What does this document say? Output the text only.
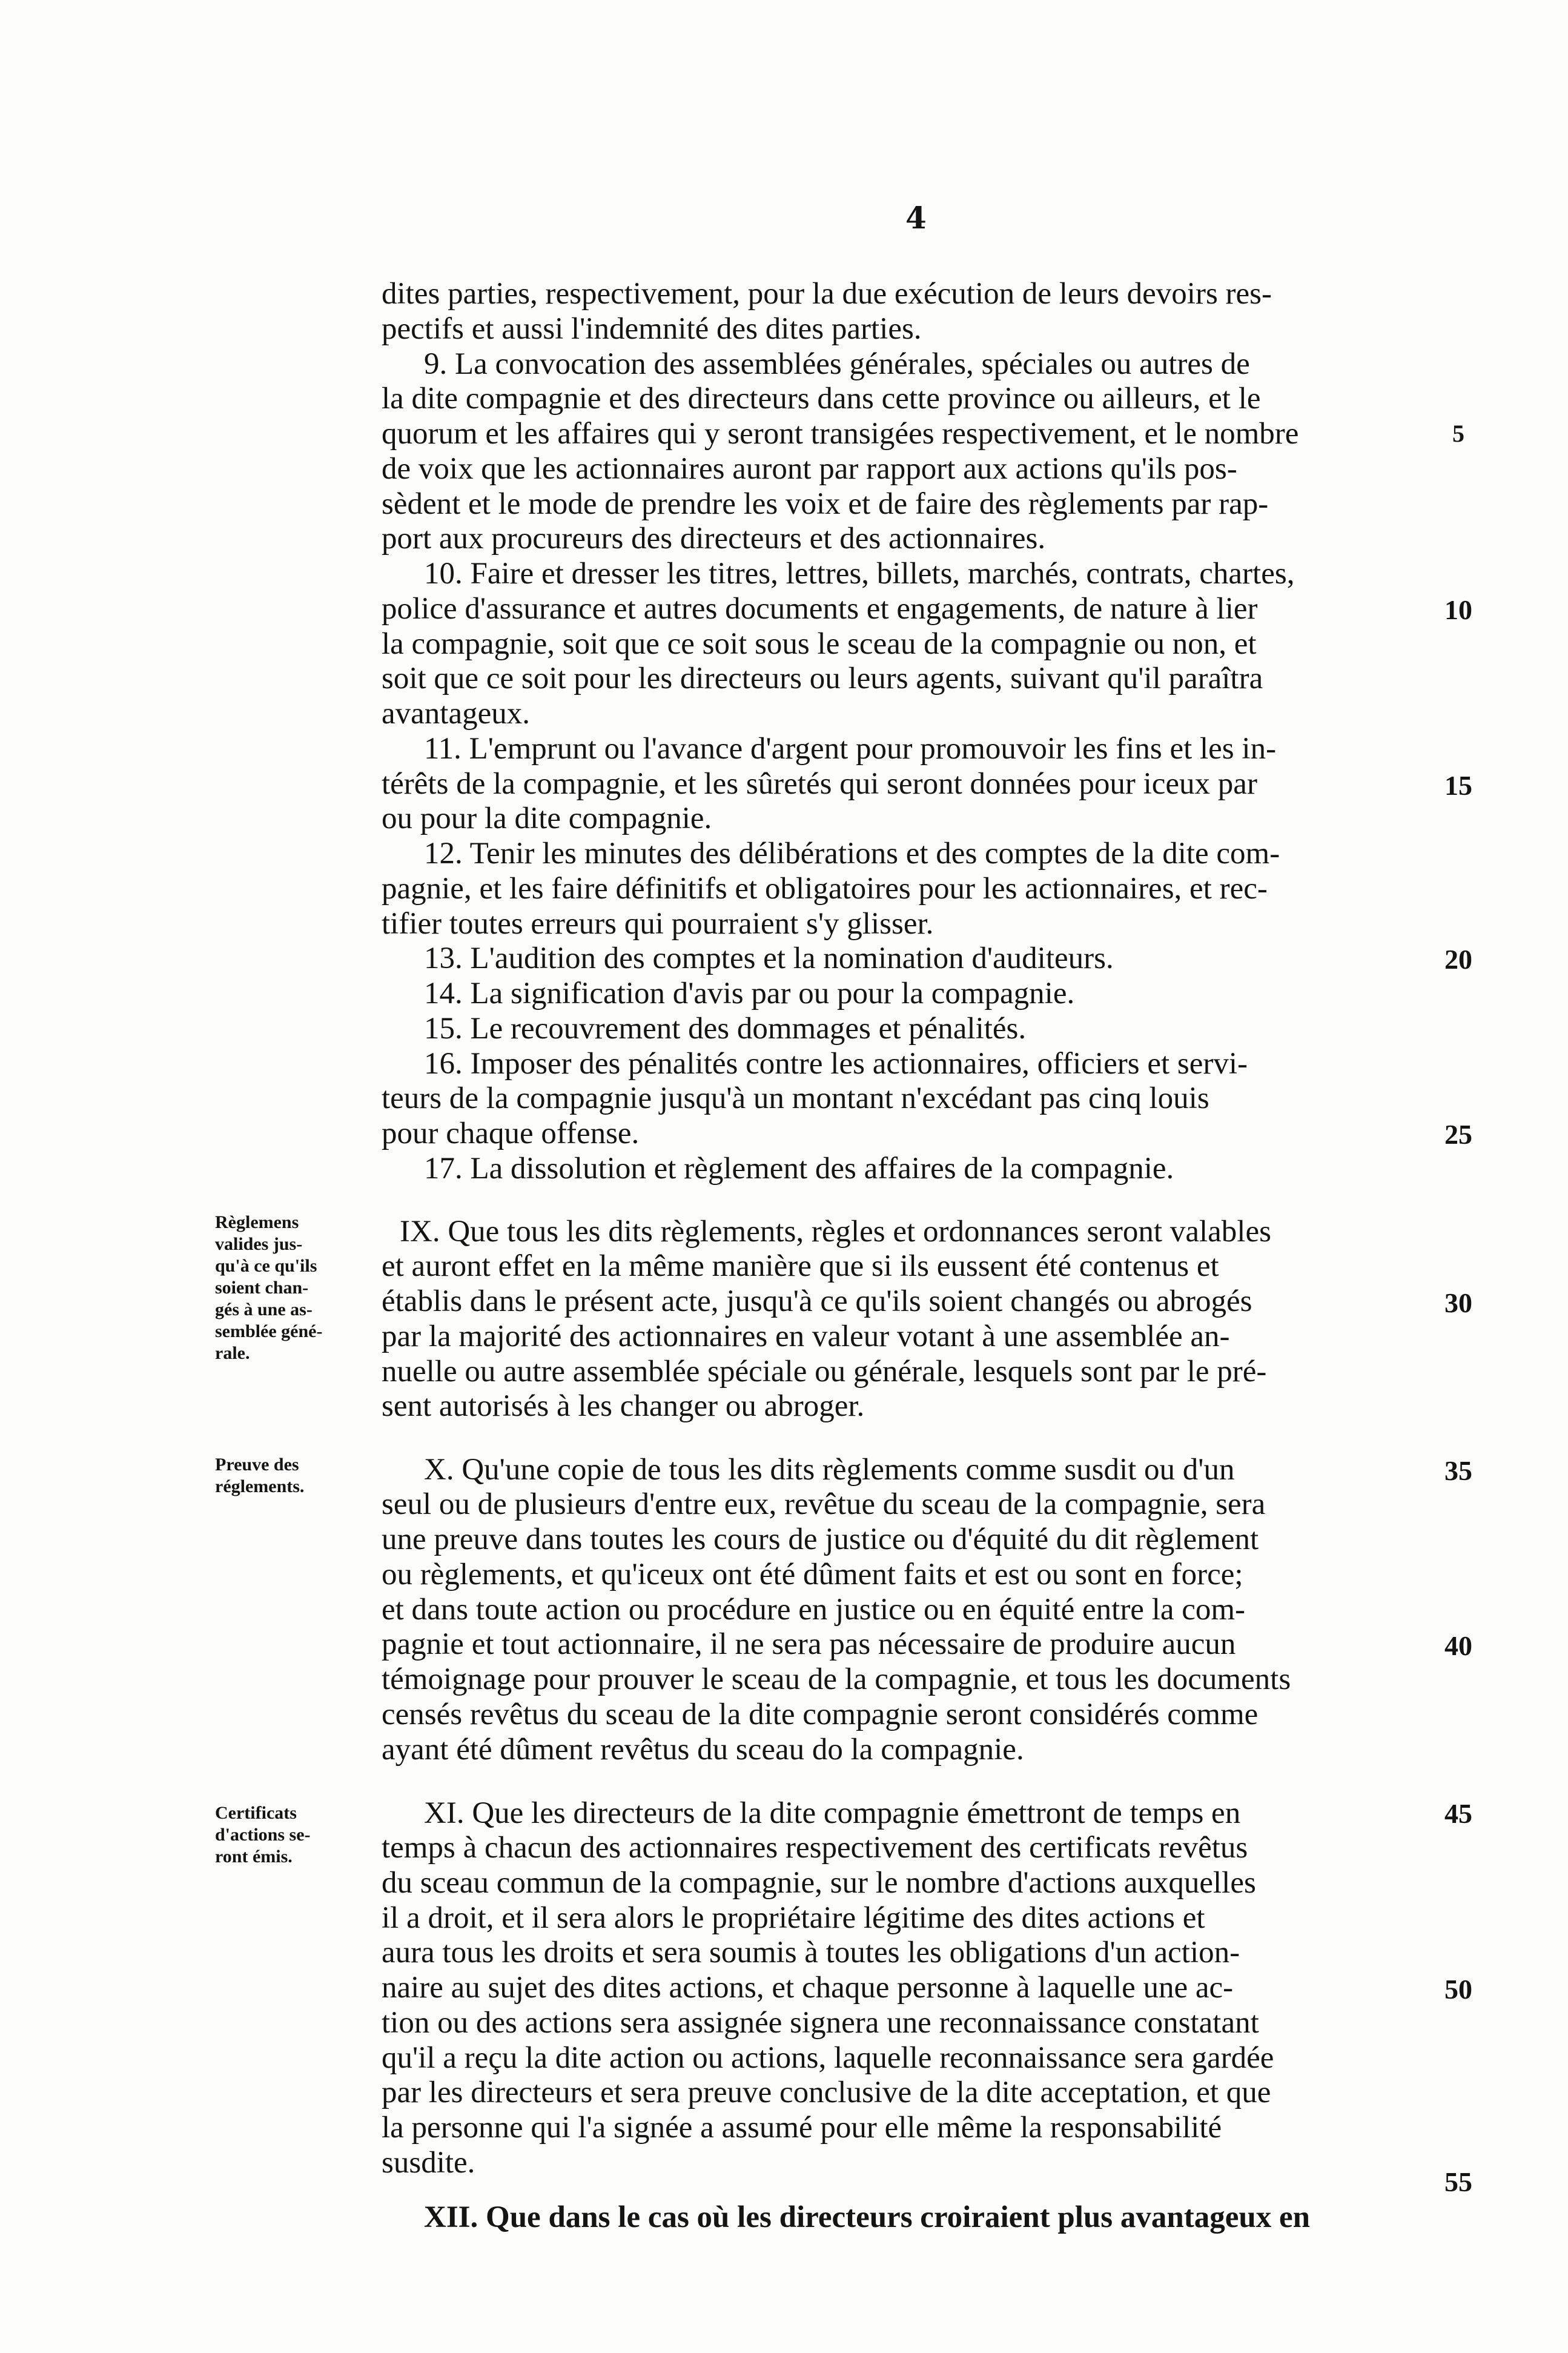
4
dites parties, respectivement, pour la due exécution de leurs devoirs res-
pectifs et aussi l'indemnité des dites parties.
9. La convocation des assemblées générales, spéciales ou autres de
la dite compagnie et des directeurs dans cette province ou ailleurs, et le
quorum et les affaires qui y seront transigées respectivement, et le nombre
de voix que les actionnaires auront par rapport aux actions qu'ils pos-
sèdent et le mode de prendre les voix et de faire des règlements par rap-
port aux procureurs des directeurs et des actionnaires.
10. Faire et dresser les titres, lettres, billets, marchés, contrats, chartes,
police d'assurance et autres documents et engagements, de nature à lier
la compagnie, soit que ce soit sous le sceau de la compagnie ou non, et
soit que ce soit pour les directeurs ou leurs agents, suivant qu'il paraîtra
avantageux.
11. L'emprunt ou l'avance d'argent pour promouvoir les fins et les in-
térêts de la compagnie, et les sûretés qui seront données pour iceux par
ou pour la dite compagnie.
12. Tenir les minutes des délibérations et des comptes de la dite com-
pagnie, et les faire définitifs et obligatoires pour les actionnaires, et rec-
tifier toutes erreurs qui pourraient s'y glisser.
13. L'audition des comptes et la nomination d'auditeurs.
14. La signification d'avis par ou pour la compagnie.
15. Le recouvrement des dommages et pénalités.
16. Imposer des pénalités contre les actionnaires, officiers et servi-
teurs de la compagnie jusqu'à un montant n'excédant pas cinq louis
pour chaque offense.
17. La dissolution et règlement des affaires de la compagnie.
IX. Que tous les dits règlements, règles et ordonnances seront valables
et auront effet en la même manière que si ils eussent été contenus et
établis dans le présent acte, jusqu'à ce qu'ils soient changés ou abrogés
par la majorité des actionnaires en valeur votant à une assemblée an-
nuelle ou autre assemblée spéciale ou générale, lesquels sont par le pré-
sent autorisés à les changer ou abroger.
X. Qu'une copie de tous les dits règlements comme susdit ou d'un
seul ou de plusieurs d'entre eux, revêtue du sceau de la compagnie, sera
une preuve dans toutes les cours de justice ou d'équité du dit règlement
ou règlements, et qu'iceux ont été dûment faits et est ou sont en force;
et dans toute action ou procédure en justice ou en équité entre la com-
pagnie et tout actionnaire, il ne sera pas nécessaire de produire aucun
témoignage pour prouver le sceau de la compagnie, et tous les documents
censés revêtus du sceau de la dite compagnie seront considérés comme
ayant été dûment revêtus du sceau do la compagnie.
XI. Que les directeurs de la dite compagnie émettront de temps en
temps à chacun des actionnaires respectivement des certificats revêtus
du sceau commun de la compagnie, sur le nombre d'actions auxquelles
il a droit, et il sera alors le propriétaire légitime des dites actions et
aura tous les droits et sera soumis à toutes les obligations d'un action-
naire au sujet des dites actions, et chaque personne à laquelle une ac-
tion ou des actions sera assignée signera une reconnaissance constatant
qu'il a reçu la dite action ou actions, laquelle reconnaissance sera gardée
par les directeurs et sera preuve conclusive de la dite acceptation, et que
la personne qui l'a signée a assumé pour elle même la responsabilité
susdite.
XII. Que dans le cas où les directeurs croiraient plus avantageux en
5
10
15
20
25
30
35
40
45
50
55
Règlemens
valides jus-
qu'à ce qu'ils
soient chan-
gés à une as-
semblée géné-
rale.
Preuve des
réglements.
Certificats
d'actions se-
ront émis.
